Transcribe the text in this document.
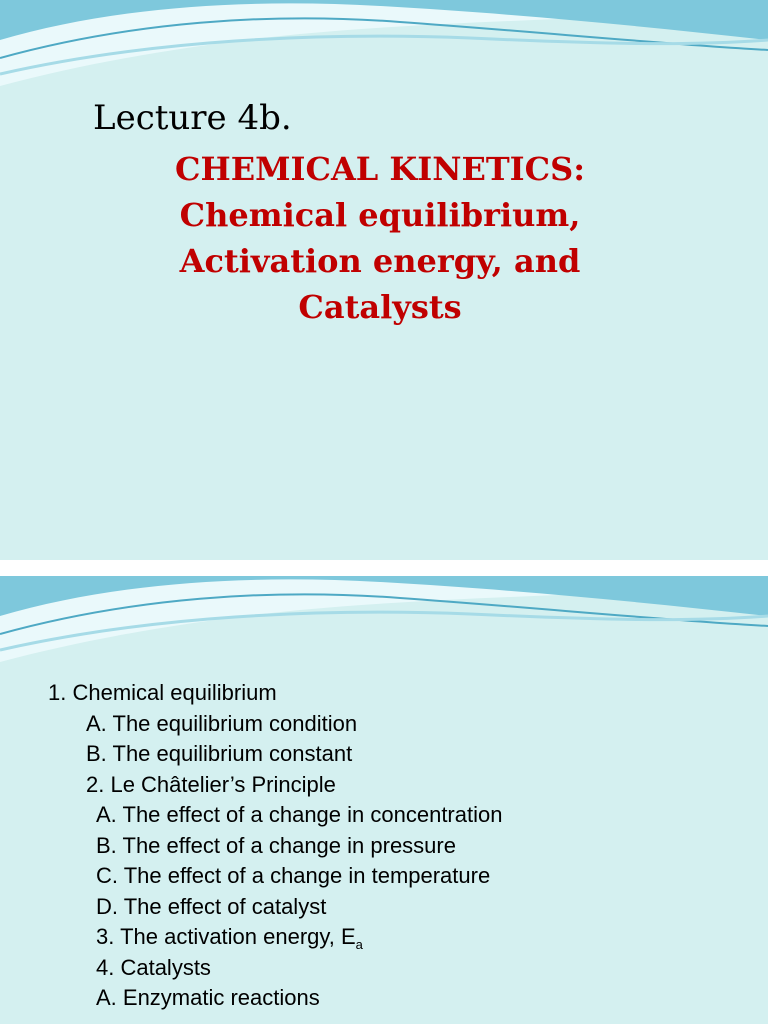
Lecture 4b.
CHEMICAL KINETICS:
Chemical equilibrium,
Activation energy, and
Catalysts
1. Chemical equilibrium
A. The equilibrium condition
B. The equilibrium constant
2. Le Châtelier’s Principle
A. The effect of a change in concentration
B. The effect of a change in pressure
C. The effect of a change in temperature
D. The effect of catalyst
3. The activation energy, $E_a$
4. Catalysts
A. Enzymatic reactions
